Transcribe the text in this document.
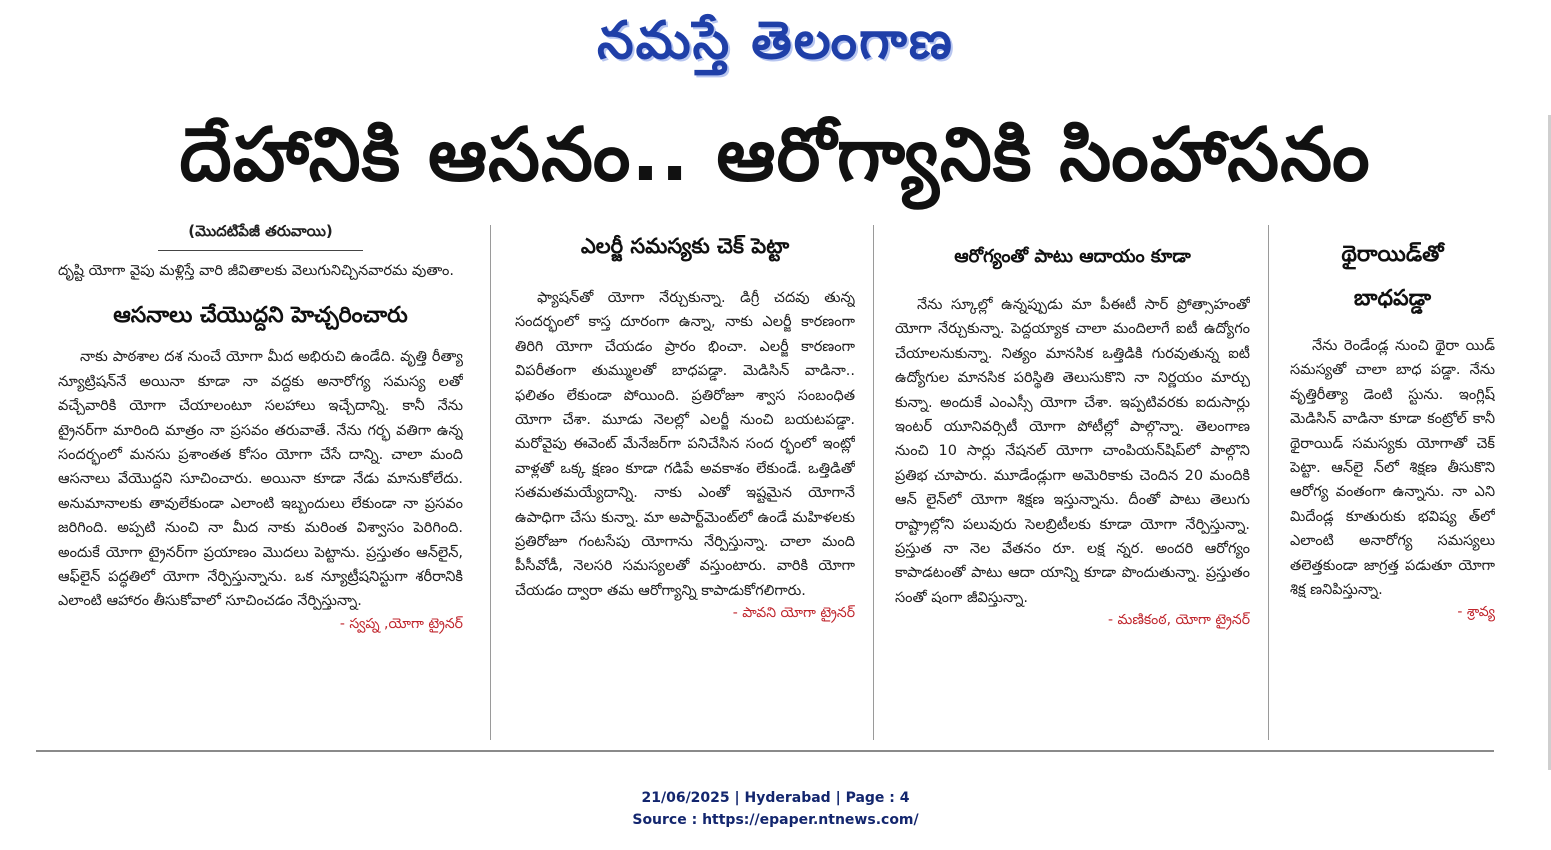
నమస్తే తెలంగాణ
దేహానికి ఆసనం.. ఆరోగ్యానికి సింహాసనం
(మొదటిపేజీ తరువాయి)

దృష్టి యోగా వైపు మళ్లిస్తే వారి జీవితాలకు వెలుగునిచ్చినవారమ వుతాం.

ఆసనాలు చేయొద్దని హెచ్చరించారు

నాకు పాఠశాల దశ నుంచే యోగా మీద అభిరుచి ఉండేది. వృత్తి రీత్యా న్యూట్రిషన్‌నే అయినా కూడా నా వద్దకు అనారోగ్య సమస్య లతో వచ్చేవారికి యోగా చేయాలంటూ సలహాలు ఇచ్చేదాన్ని. కానీ నేను ట్రైనర్‌గా మారింది మాత్రం నా ప్రసవం తరువాతే. నేను గర్భ వతిగా ఉన్న సందర్భంలో మనసు ప్రశాంతత కోసం యోగా చేసే దాన్ని. చాలా మంది ఆసనాలు వేయొద్దని సూచించారు. అయినా కూడా నేడు మానుకోలేదు. అనుమానాలకు తావులేకుండా ఎలాంటి ఇబ్బందులు లేకుండా నా ప్రసవం జరిగింది. అప్పటి నుంచి నా మీద నాకు మరింత విశ్వాసం పెరిగింది. అందుకే యోగా ట్రైనర్‌గా ప్రయాణం మొదలు పెట్టాను. ప్రస్తుతం ఆన్‌లైన్, ఆఫ్‌లైన్ పద్ధతిలో యోగా నేర్పిస్తున్నాను. ఒక న్యూట్రీషనిస్టుగా శరీరానికి ఎలాంటి ఆహారం తీసుకోవాలో సూచించడం నేర్పిస్తున్నా.

- స్వప్న ,యోగా ట్రైనర్
ఎలర్జీ సమస్యకు చెక్ పెట్టా

ఫ్యాషన్‌తో యోగా నేర్చుకున్నా. డిగ్రీ చదవు తున్న సందర్భంలో కాస్త దూరంగా ఉన్నా, నాకు ఎలర్జీ కారణంగా తిరిగి యోగా చేయడం ప్రారం భించా. ఎలర్జీ కారణంగా విపరీతంగా తుమ్ములతో బాధపడ్డా. మెడిసిన్ వాడినా.. ఫలితం లేకుండా పోయింది. ప్రతిరోజూ శ్వాస సంబంధిత యోగా చేశా. మూడు నెలల్లో ఎలర్జీ నుంచి బయటపడ్డా. మరోవైపు ఈవెంట్ మేనేజర్‌గా పనిచేసిన సంద ర్భంలో ఇంట్లో వాళ్లతో ఒక్క క్షణం కూడా గడిపే అవకాశం లేకుండే. ఒత్తిడితో సతమతమయ్యేదాన్ని. నాకు ఎంతో ఇష్టమైన యోగానే ఉపాధిగా చేసు కున్నా. మా అపార్ట్‌మెంట్‌లో ఉండే మహిళలకు ప్రతిరోజూ గంటసేపు యోగాను నేర్పిస్తున్నా. చాలా మంది పీసీవోడీ, నెలసరి సమస్యలతో వస్తుంటారు. వారికి యోగా చేయడం ద్వారా తమ ఆరోగ్యాన్ని కాపాడుకోగలిగారు.

- పావని యోగా ట్రైనర్
ఆరోగ్యంతో పాటు ఆదాయం కూడా

నేను స్కూల్లో ఉన్నప్పుడు మా పీఈటీ సార్ ప్రోత్సాహంతో యోగా నేర్చుకున్నా. పెద్దయ్యాక చాలా మందిలాగే ఐటీ ఉద్యోగం చేయాలనుకున్నా. నిత్యం మానసిక ఒత్తిడికి గురవుతున్న ఐటీ ఉద్యోగుల మానసిక పరిస్థితి తెలుసుకొని నా నిర్ణయం మార్చు కున్నా. అందుకే ఎంఎస్సీ యోగా చేశా. ఇప్పటివరకు ఐదుసార్లు ఇంటర్ యూనివర్సిటీ యోగా పోటీల్లో పాల్గొన్నా. తెలంగాణ నుంచి 10 సార్లు నేషనల్ యోగా చాంపియన్‌షిప్‌లో పాల్గొని ప్రతిభ చూపారు. మూడేండ్లుగా అమెరికాకు చెందిన 20 మందికి ఆన్ లైన్‌లో యోగా శిక్షణ ఇస్తున్నాను. దీంతో పాటు తెలుగు రాష్ట్రాల్లోని పలువురు సెలబ్రిటీలకు కూడా యోగా నేర్పిస్తున్నా. ప్రస్తుత నా నెల వేతనం రూ. లక్ష న్నర. అందరి ఆరోగ్యం కాపాడటంతో పాటు ఆదా యాన్ని కూడా పొందుతున్నా. ప్రస్తుతం సంతో షంగా జీవిస్తున్నా.

- మణికంఠ, యోగా ట్రైనర్
థైరాయిడ్‌తో
బాధపడ్డా

నేను రెండేండ్ల నుంచి థైరా యిడ్ సమస్యతో చాలా బాధ పడ్డా. నేను వృత్తిరీత్యా డెంటి స్టును. ఇంగ్లిష్ మెడిసిన్ వాడినా కూడా కంట్రోల్ కానీ థైరాయిడ్ సమస్యకు యోగాతో చెక్ పెట్టా. ఆన్‌లై న్‌లో శిక్షణ తీసుకొని ఆరోగ్య వంతంగా ఉన్నాను. నా ఎని మిదేండ్ల కూతురుకు భవిష్య త్‌లో ఎలాంటి అనారోగ్య సమస్యలు తలెత్తకుండా జాగ్రత్త పడుతూ యోగా శిక్ష ణనిపిస్తున్నా.

- శ్రావ్య
21/06/2025 | Hyderabad | Page : 4
Source : https://epaper.ntnews.com/
